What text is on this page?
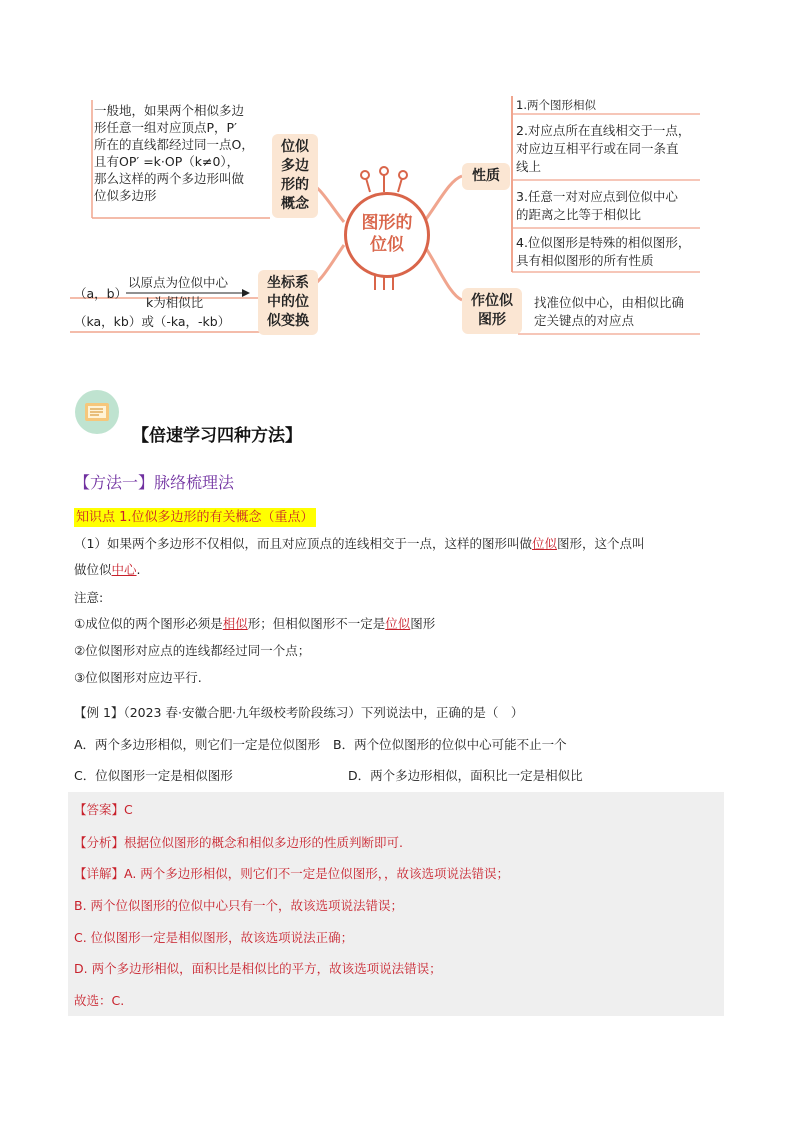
一般地，如果两个相似多边
形任意一组对应顶点P，P′
所在的直线都经过同一点O，
且有OP′ =k·OP（k≠0），
那么这样的两个多边形叫做
位似多边形
位似
多边
形的
概念
（a，b）
以原点为位似中心
k为相似比
（ka，kb）或（-ka，-kb）
坐标系
中的位
似变换
图形的
位似
性质
1.两个图形相似
2.对应点所在直线相交于一点，
对应边互相平行或在同一条直
线上
3.任意一对对应点到位似中心
的距离之比等于相似比
4.位似图形是特殊的相似图形，
具有相似图形的所有性质
作位似
图形
找准位似中心，由相似比确
定关键点的对应点
【倍速学习四种方法】
【方法一】脉络梳理法
知识点 1.位似多边形的有关概念（重点）
（1）如果两个多边形不仅相似，而且对应顶点的连线相交于一点，这样的图形叫做位似图形，这个点叫
做位似中心.
注意:
①成位似的两个图形必须是相似形；但相似图形不一定是位似图形
②位似图形对应点的连线都经过同一个点；
③位似图形对应边平行.
【例 1】（2023 春·安徽合肥·九年级校考阶段练习）下列说法中，正确的是（　）
A．两个多边形相似，则它们一定是位似图形 B．两个位似图形的位似中心可能不止一个
C．位似图形一定是相似图形	D．两个多边形相似，面积比一定是相似比
【答案】C
【分析】根据位似图形的概念和相似多边形的性质判断即可.
【详解】A. 两个多边形相似，则它们不一定是位似图形，，故该选项说法错误；
B. 两个位似图形的位似中心只有一个，故该选项说法错误；
C. 位似图形一定是相似图形，故该选项说法正确；
D. 两个多边形相似，面积比是相似比的平方，故该选项说法错误；
故选：C.
